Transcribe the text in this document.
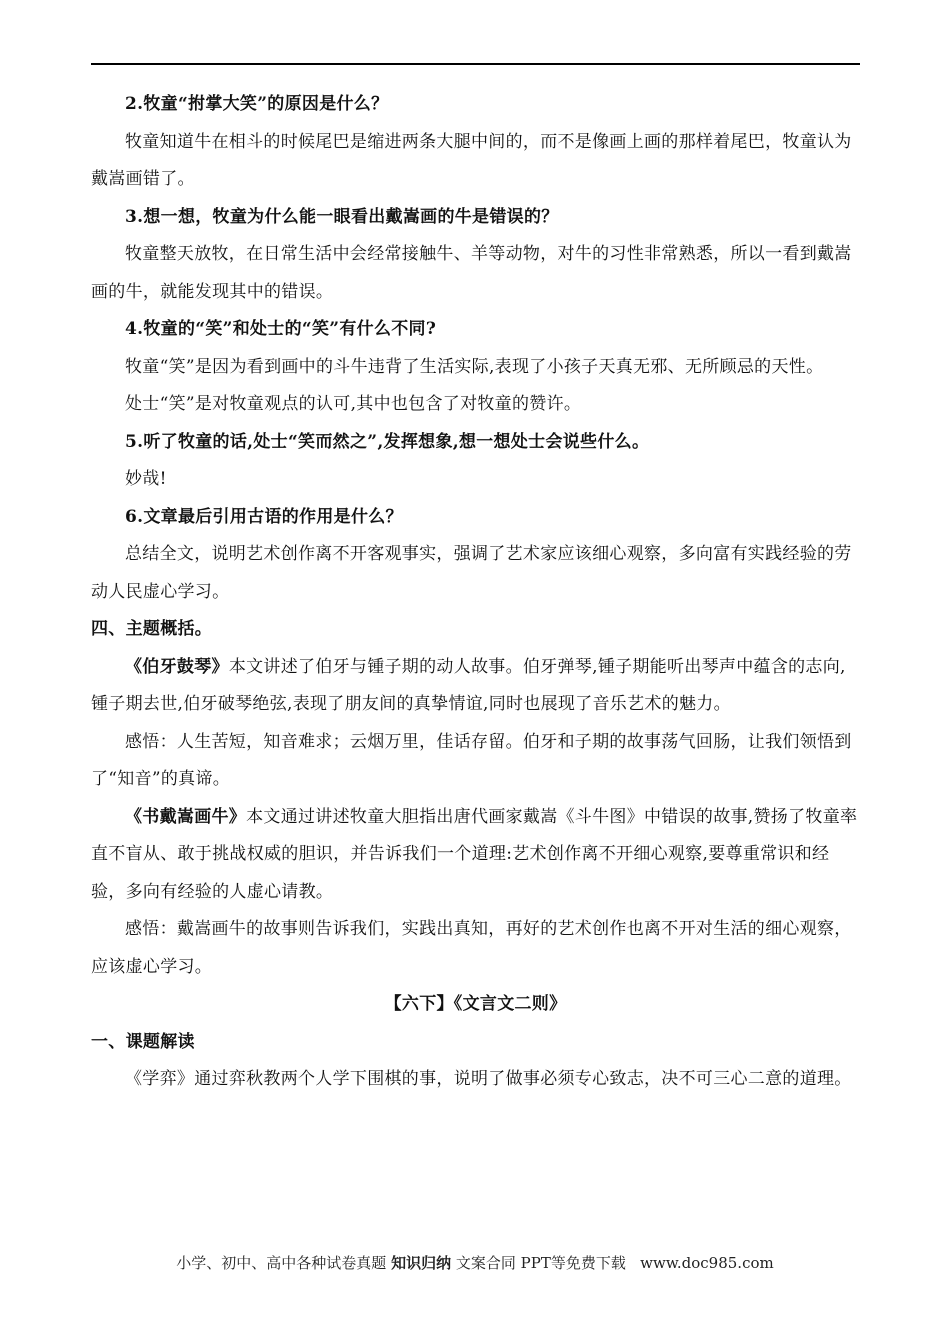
2.牧童“拊掌大笑”的原因是什么？

牧童知道牛在相斗的时候尾巴是缩进两条大腿中间的，而不是像画上画的那样着尾巴，牧童认为戴嵩画错了。

3.想一想，牧童为什么能一眼看出戴嵩画的牛是错误的？

牧童整天放牧，在日常生活中会经常接触牛、羊等动物，对牛的习性非常熟悉，所以一看到戴嵩画的牛，就能发现其中的错误。

4.牧童的“笑”和处士的“笑”有什么不同?

牧童“笑”是因为看到画中的斗牛违背了生活实际,表现了小孩子天真无邪、无所顾忌的天性。

处士“笑”是对牧童观点的认可,其中也包含了对牧童的赞许。

5.听了牧童的话,处士“笑而然之”,发挥想象,想一想处士会说些什么。

妙哉!

6.文章最后引用古语的作用是什么？

总结全文，说明艺术创作离不开客观事实，强调了艺术家应该细心观察，多向富有实践经验的劳动人民虚心学习。

四、主题概括。

《伯牙鼓琴》本文讲述了伯牙与锺子期的动人故事。伯牙弹琴,锺子期能听出琴声中蕴含的志向,锺子期去世,伯牙破琴绝弦,表现了朋友间的真挚情谊,同时也展现了音乐艺术的魅力。

感悟：人生苦短，知音难求；云烟万里，佳话存留。伯牙和子期的故事荡气回肠，让我们领悟到了“知音”的真谛。

《书戴嵩画牛》本文通过讲述牧童大胆指出唐代画家戴嵩《斗牛图》中错误的故事,赞扬了牧童率直不盲从、敢于挑战权威的胆识，并告诉我们一个道理:艺术创作离不开细心观察,要尊重常识和经验，多向有经验的人虚心请教。

感悟：戴嵩画牛的故事则告诉我们，实践出真知，再好的艺术创作也离不开对生活的细心观察，应该虚心学习。

【六下】《文言文二则》

一、课题解读

《学弈》通过弈秋教两个人学下围棋的事，说明了做事必须专心致志，决不可三心二意的道理。

小学、初中、高中各种试卷真题 知识归纳 文案合同 PPT等免费下载 www.doc985.com
